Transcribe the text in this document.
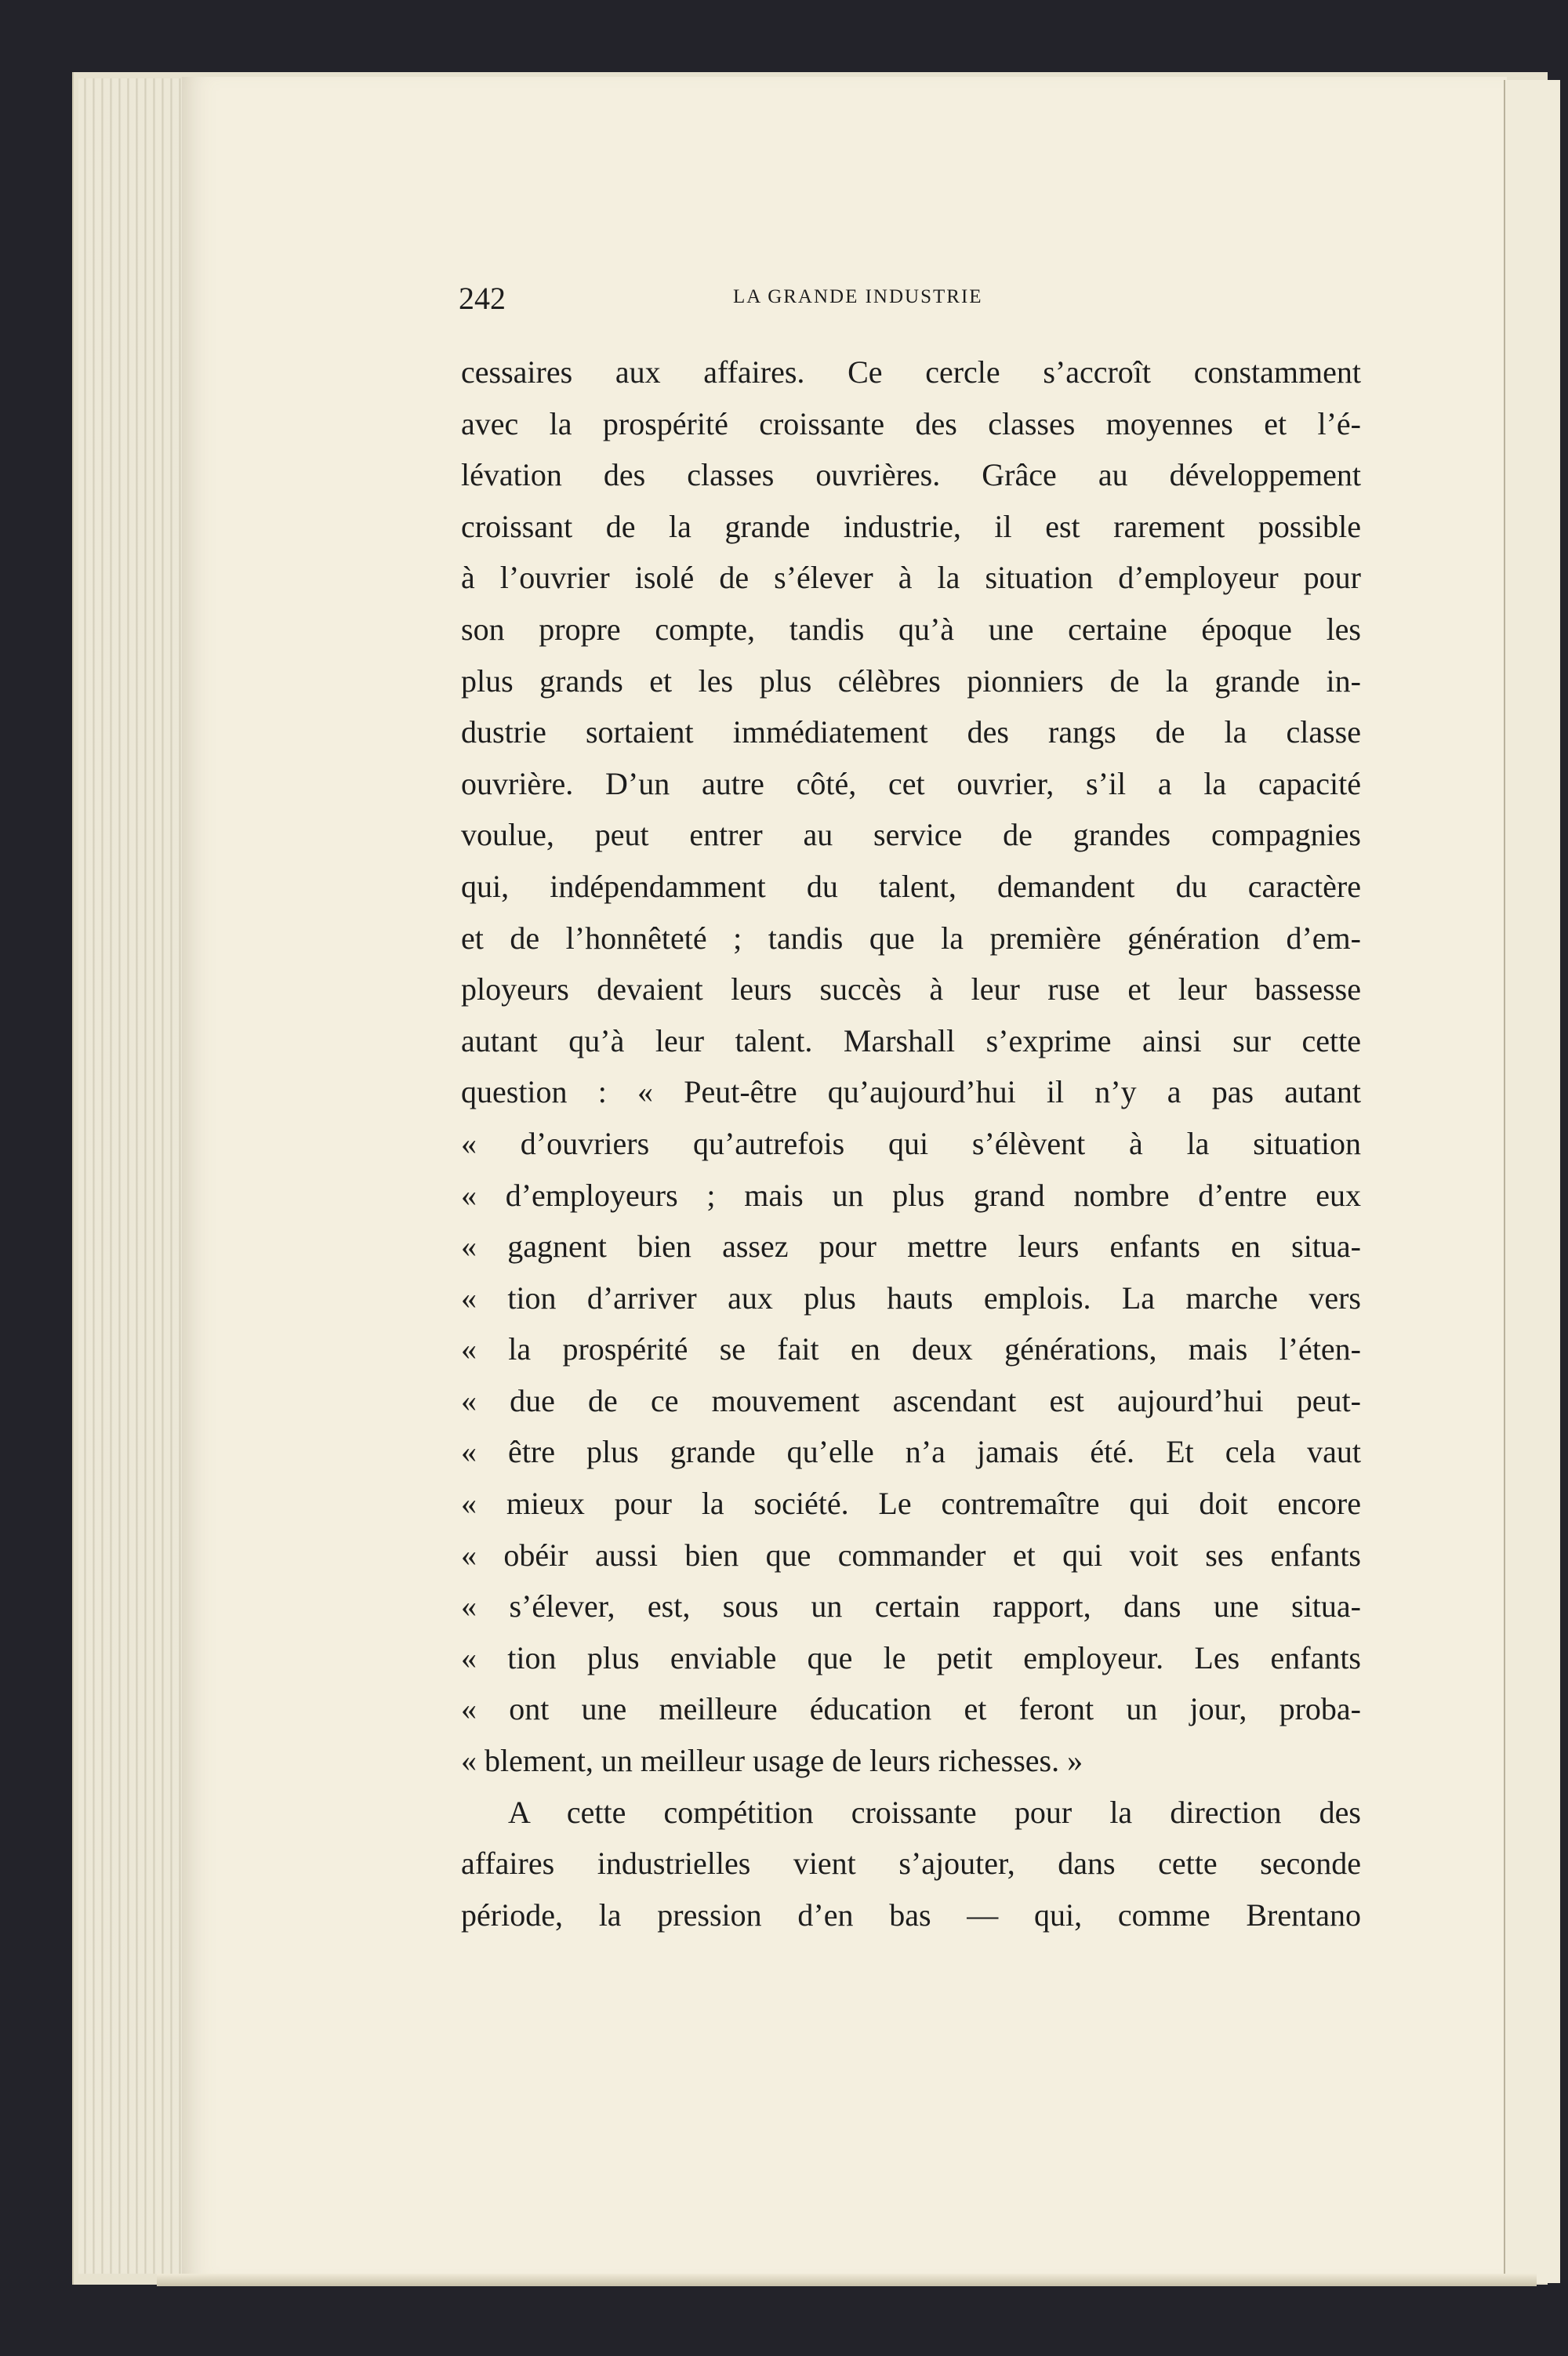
242	LA GRANDE INDUSTRIE
cessaires aux affaires. Ce cercle s’accroît constamment
avec la prospérité croissante des classes moyennes et l’é-
lévation des classes ouvrières. Grâce au développement
croissant de la grande industrie, il est rarement possible
à l’ouvrier isolé de s’élever à la situation d’employeur pour
son propre compte, tandis qu’à une certaine époque les
plus grands et les plus célèbres pionniers de la grande in-
dustrie sortaient immédiatement des rangs de la classe
ouvrière. D’un autre côté, cet ouvrier, s’il a la capacité
voulue, peut entrer au service de grandes compagnies
qui, indépendamment du talent, demandent du caractère
et de l’honnêteté ; tandis que la première génération d’em-
ployeurs devaient leurs succès à leur ruse et leur bassesse
autant qu’à leur talent. Marshall s’exprime ainsi sur cette
question : « Peut-être qu’aujourd’hui il n’y a pas autant
« d’ouvriers qu’autrefois qui s’élèvent à la situation
« d’employeurs ; mais un plus grand nombre d’entre eux
« gagnent bien assez pour mettre leurs enfants en situa-
« tion d’arriver aux plus hauts emplois. La marche vers
« la prospérité se fait en deux générations, mais l’éten-
« due de ce mouvement ascendant est aujourd’hui peut-
« être plus grande qu’elle n’a jamais été. Et cela vaut
« mieux pour la société. Le contremaître qui doit encore
« obéir aussi bien que commander et qui voit ses enfants
« s’élever, est, sous un certain rapport, dans une situa-
« tion plus enviable que le petit employeur. Les enfants
« ont une meilleure éducation et feront un jour, proba-
« blement, un meilleur usage de leurs richesses. »
A cette compétition croissante pour la direction des
affaires industrielles vient s’ajouter, dans cette seconde
période, la pression d’en bas — qui, comme Brentano
